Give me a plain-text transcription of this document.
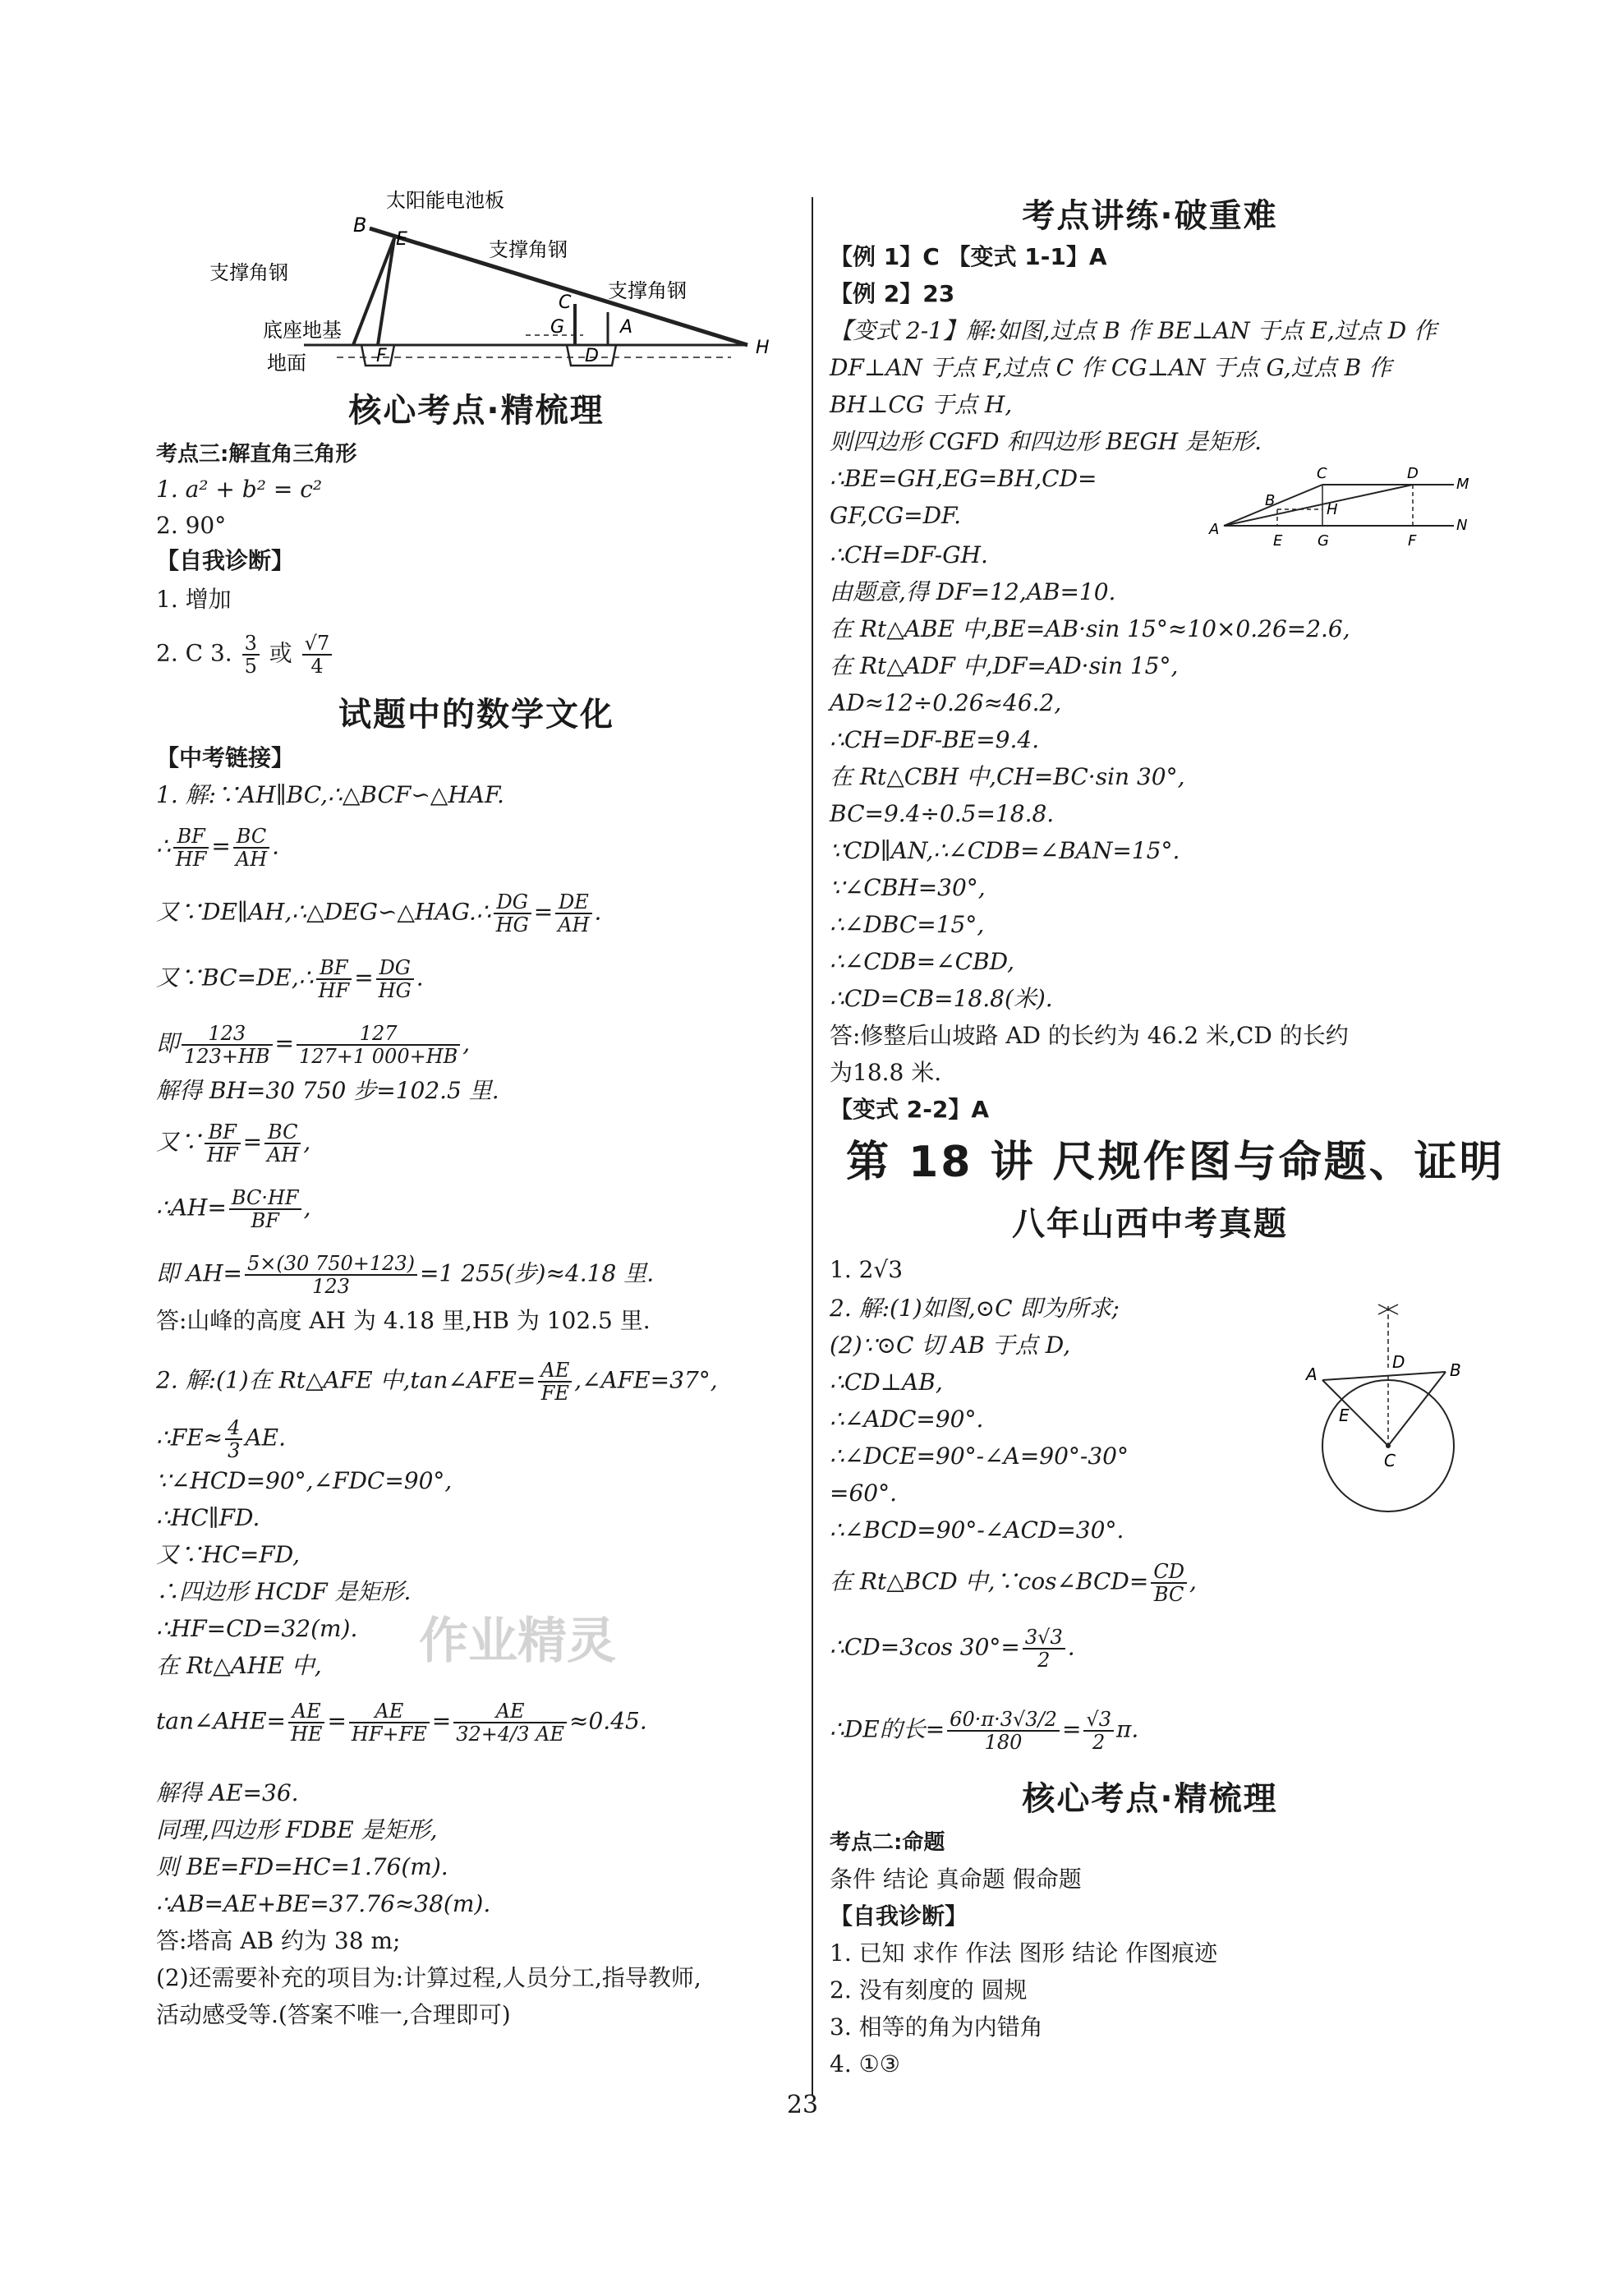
太阳能电池板
B
E	支撑角钢
支撑角钢
支撑角钢
C
A
G
D
F	H
底座地基
地面
核心考点·精梳理
考点三:解直角三角形
1. a² + b² = c²
2. 90°
【自我诊断】
1. 增加
2. C 3. $\frac{3}{5}$ 或 $\frac{√7}{4}$
试题中的数学文化
【中考链接】
1. 解:∵AH∥BC,∴△BCF∽△HAF.
∴ $\frac{BF}{HF} = \frac{BC}{AH}$ .
又∵DE∥AH,∴△DEG∽△HAG.∴ $\frac{DG}{HG} = \frac{DE}{AH}$ .
又∵BC=DE,∴ $\frac{BF}{HF} = \frac{DG}{HG}$ .
即 $\frac{123}{123+HB} = \frac{127}{127+1 000+HB}$ ,
解得 BH=30 750 步=102.5 里.
又∵ $\frac{BF}{HF} = \frac{BC}{AH}$ ,
∴AH= $\frac{BC\cdot HF}{BF}$ ,
即 $AH= \frac{5\times(30 750+123)}{123} =1$ 255(步)≈4.18 里.
答:山峰的高度 AH 为 4.18 里,HB 为 102.5 里.
2. 解:(1)在 Rt△AFE 中,tan∠AFE= $\frac{AE}{FE}$ ,∠AFE=37°,
∴FE≈ $\frac{4}{3}$ AE.
∵∠HCD=90°,∠FDC=90°,
∴HC∥FD.
又∵HC=FD,
∴四边形 HCDF 是矩形.
∴HF=CD=32(m).
在 Rt△AHE 中,
tan∠AHE= $\frac{AE}{HE} = \frac{AE}{HF+FE} = \frac{AE}{32+4/3 AE} \approx 0.45$.
解得 AE=36.
同理,四边形 FDBE 是矩形,
则 BE=FD=HC=1.76(m).
∴AB=AE+BE=37.76≈38(m).
答:塔高 AB 约为 38 m;
(2)还需要补充的项目为:计算过程,人员分工,指导教师,
活动感受等.(答案不唯一,合理即可)
作业精灵
考点讲练·破重难
【例 1】C 【变式 1-1】A
【例 2】23
【变式 2-1】解:如图,过点 B 作 BE⊥AN 于点 E,过点 D 作
DF⊥AN 于点 F,过点 C 作 CG⊥AN 于点 G,过点 B 作
BH⊥CG 于点 H,
则四边形 CGFD 和四边形 BEGH 是矩形.
∴BE=GH,EG=BH,CD=
GF,CG=DF.
∴CH=DF-GH.
A
B
C	D
M
N
E G	F
H
由题意,得 DF=12,AB=10.
在 Rt△ABE 中,BE=AB·sin 15°≈10×0.26=2.6,
在 Rt△ADF 中,DF=AD·sin 15°,
AD≈12÷0.26≈46.2,
∴CH=DF-BE=9.4.
在 Rt△CBH 中,CH=BC·sin 30°,
BC=9.4÷0.5=18.8.
∵CD∥AN,∴∠CDB=∠BAN=15°.
∵∠CBH=30°,
∴∠DBC=15°,
∴∠CDB=∠CBD,
∴CD=CB=18.8(米).
答:修整后山坡路 AD 的长约为 46.2 米,CD 的长约
为18.8 米.
【变式 2-2】A
第 18 讲 尺规作图与命题、证明
八年山西中考真题
1. 2√3
2. 解:(1)如图,⊙C 即为所求;
(2)∵⊙C 切 AB 于点 D,
∴CD⊥AB,
∴∠ADC=90°.
∴∠DCE=90°-∠A=90°-30°
=60°.
∴∠BCD=90°-∠ACD=30°.
A	B
C
D
E
在 Rt△BCD 中,∵cos∠BCD= $\frac{CD}{BC}$ ,
∴CD=3cos $30^\circ= \frac{3√3}{2}$ .
∴DE的长= $\frac{60\cdot\pi\cdot 3√3/2}{180} = \frac{√3}{2} \pi$.
核心考点·精梳理
考点二:命题
条件 结论 真命题 假命题
【自我诊断】
1. 已知 求作 作法 图形 结论 作图痕迹
2. 没有刻度的 圆规
3. 相等的角为内错角
4. ①③
23
